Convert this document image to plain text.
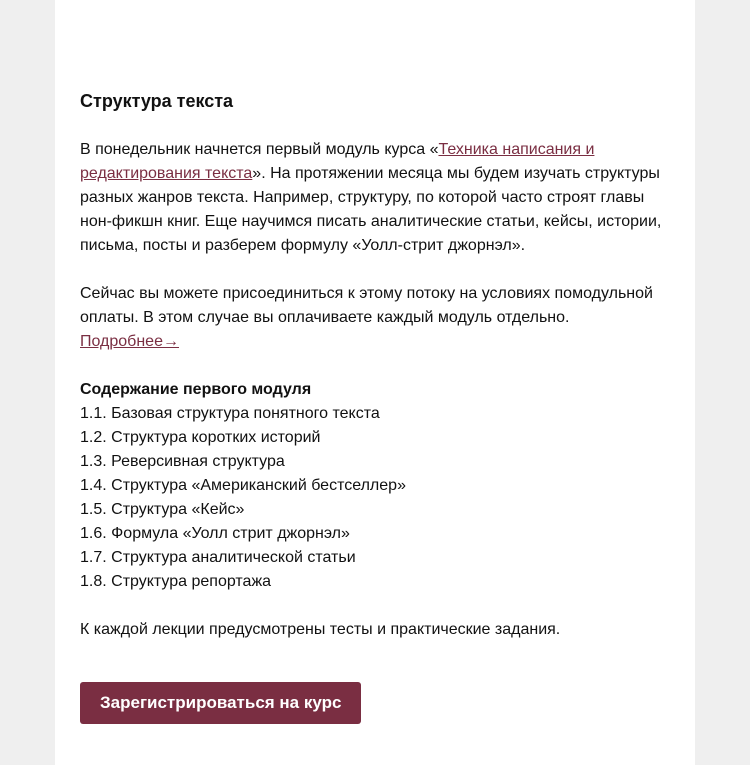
Структура текста

В понедельник начнется первый модуль курса «Техника написания и редактирования текста». На протяжении месяца мы будем изучать структуры разных жанров текста. Например, структуру, по которой часто строят главы нон-фикшн книг. Еще научимся писать аналитические статьи, кейсы, истории, письма, посты и разберем формулу «Уолл-стрит джорнэл».

Сейчас вы можете присоединиться к этому потоку на условиях помодульной оплаты. В этом случае вы оплачиваете каждый модуль отдельно.
Подробнее→

Содержание первого модуля
1.1. Базовая структура понятного текста
1.2. Структура коротких историй
1.3. Реверсивная структура
1.4. Структура «Американский бестселлер»
1.5. Структура «Кейс»
1.6. Формула «Уолл стрит джорнэл»
1.7. Структура аналитической статьи
1.8. Структура репортажа

К каждой лекции предусмотрены тесты и практические задания.

Зарегистрироваться на курс
